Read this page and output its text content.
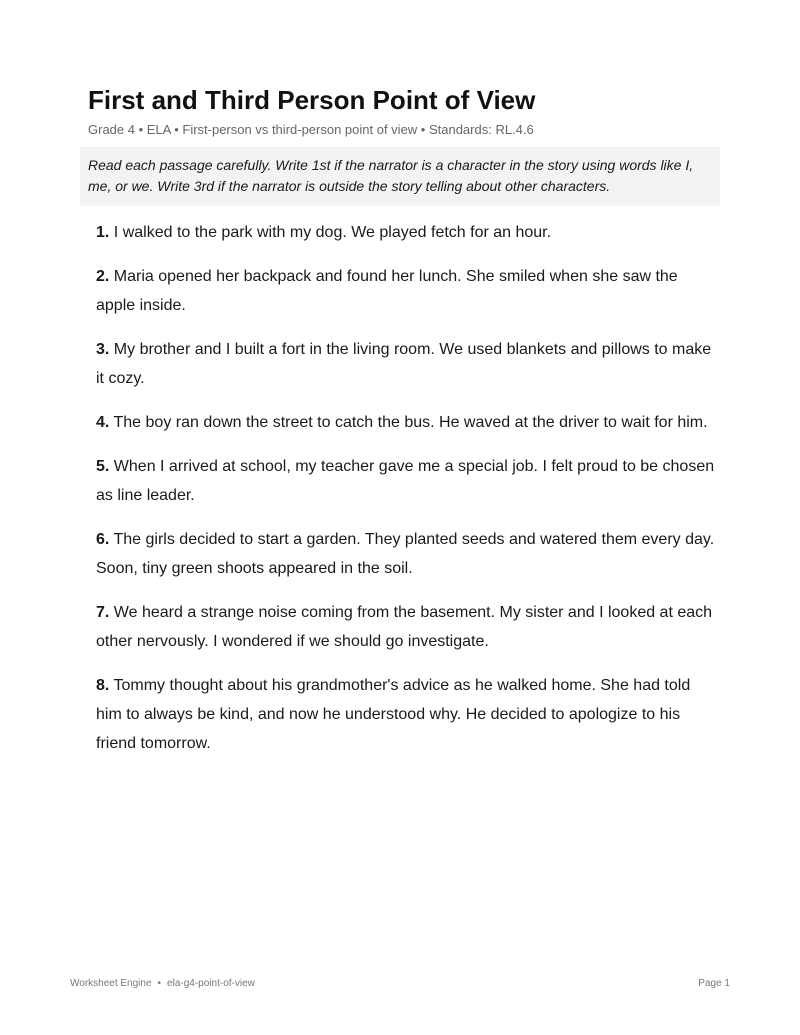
First and Third Person Point of View
Grade 4 • ELA • First-person vs third-person point of view • Standards: RL.4.6
Read each passage carefully. Write 1st if the narrator is a character in the story using words like I, me, or we. Write 3rd if the narrator is outside the story telling about other characters.
1. I walked to the park with my dog. We played fetch for an hour.
2. Maria opened her backpack and found her lunch. She smiled when she saw the apple inside.
3. My brother and I built a fort in the living room. We used blankets and pillows to make it cozy.
4. The boy ran down the street to catch the bus. He waved at the driver to wait for him.
5. When I arrived at school, my teacher gave me a special job. I felt proud to be chosen as line leader.
6. The girls decided to start a garden. They planted seeds and watered them every day. Soon, tiny green shoots appeared in the soil.
7. We heard a strange noise coming from the basement. My sister and I looked at each other nervously. I wondered if we should go investigate.
8. Tommy thought about his grandmother's advice as he walked home. She had told him to always be kind, and now he understood why. He decided to apologize to his friend tomorrow.
Worksheet Engine • ela-g4-point-of-view	Page 1
